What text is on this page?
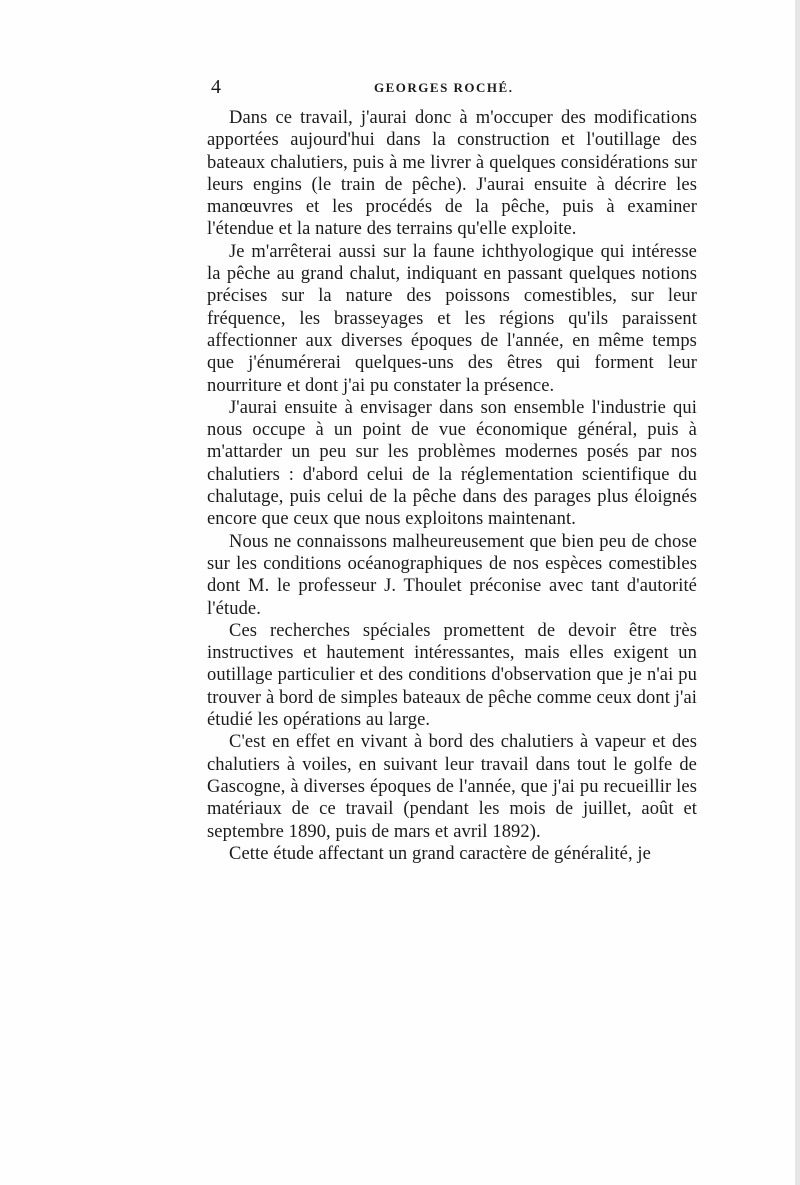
4	GEORGES ROCHÉ.

Dans ce travail, j'aurai donc à m'occuper des modifications apportées aujourd'hui dans la construction et l'outillage des bateaux chalutiers, puis à me livrer à quelques considérations sur leurs engins (le train de pêche). J'aurai ensuite à décrire les manœuvres et les procédés de la pêche, puis à examiner l'étendue et la nature des terrains qu'elle exploite.

Je m'arrêterai aussi sur la faune ichthyologique qui intéresse la pêche au grand chalut, indiquant en passant quelques notions précises sur la nature des poissons comestibles, sur leur fréquence, les brasseyages et les régions qu'ils paraissent affectionner aux diverses époques de l'année, en même temps que j'énumérerai quelques-uns des êtres qui forment leur nourriture et dont j'ai pu constater la présence.

J'aurai ensuite à envisager dans son ensemble l'industrie qui nous occupe à un point de vue économique général, puis à m'attarder un peu sur les problèmes modernes posés par nos chalutiers : d'abord celui de la réglementation scientifique du chalutage, puis celui de la pêche dans des parages plus éloignés encore que ceux que nous exploitons maintenant.

Nous ne connaissons malheureusement que bien peu de chose sur les conditions océanographiques de nos espèces comestibles dont M. le professeur J. Thoulet préconise avec tant d'autorité l'étude.

Ces recherches spéciales promettent de devoir être très instructives et hautement intéressantes, mais elles exigent un outillage particulier et des conditions d'observation que je n'ai pu trouver à bord de simples bateaux de pêche comme ceux dont j'ai étudié les opérations au large.

C'est en effet en vivant à bord des chalutiers à vapeur et des chalutiers à voiles, en suivant leur travail dans tout le golfe de Gascogne, à diverses époques de l'année, que j'ai pu recueillir les matériaux de ce travail (pendant les mois de juillet, août et septembre 1890, puis de mars et avril 1892).

Cette étude affectant un grand caractère de généralité, je
